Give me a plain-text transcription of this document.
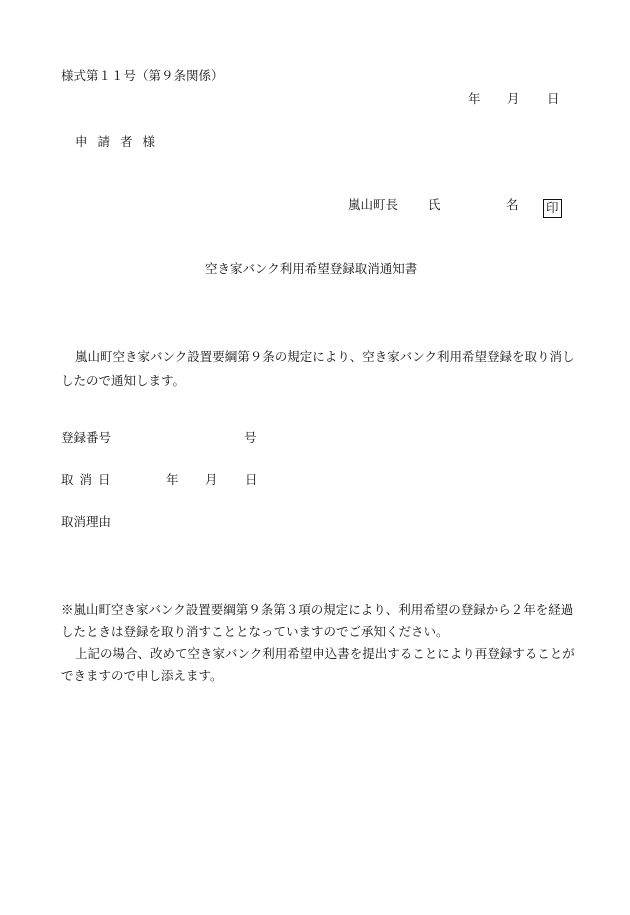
様式第１１号（第９条関係）
年 月 日
申請者様
嵐山町長 氏	名 印
空き家バンク利用希望登録取消通知書
嵐山町空き家バンク設置要綱第９条の規定により、空き家バンク利用希望登録を取り消ししたので通知します。
登録番号	号
取消日	年 月 日
取消理由
※嵐山町空き家バンク設置要綱第９条第３項の規定により、利用希望の登録から２年を経過したときは登録を取り消すこととなっていますのでご承知ください。
上記の場合、改めて空き家バンク利用希望申込書を提出することにより再登録することができますので申し添えます。
